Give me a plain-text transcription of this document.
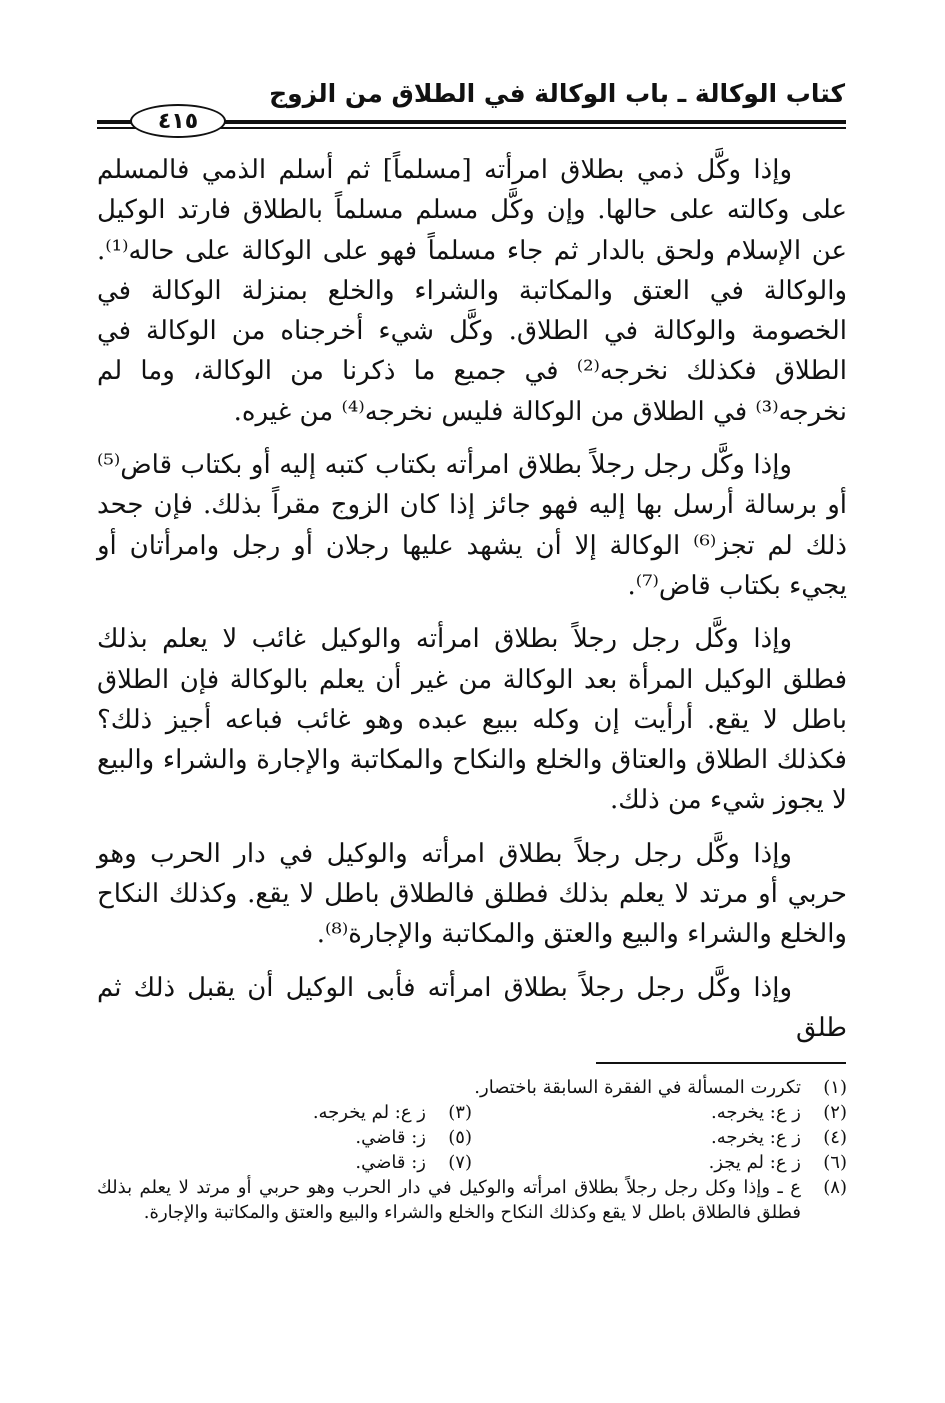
كتاب الوكالة ـ باب الوكالة في الطلاق من الزوج
٤١٥

وإذا وكَّل ذمي بطلاق امرأته [مسلماً] ثم أسلم الذمي فالمسلم على وكالته على حالها. وإن وكَّل مسلم مسلماً بالطلاق فارتد الوكيل عن الإسلام ولحق بالدار ثم جاء مسلماً فهو على الوكالة على حاله⁽¹⁾. والوكالة في العتق والمكاتبة والشراء والخلع بمنزلة الوكالة في الخصومة والوكالة في الطلاق. وكَّل شيء أخرجناه من الوكالة في الطلاق فكذلك نخرجه⁽²⁾ في جميع ما ذكرنا من الوكالة، وما لم نخرجه⁽³⁾ في الطلاق من الوكالة فليس نخرجه⁽⁴⁾ من غيره.

وإذا وكَّل رجل رجلاً بطلاق امرأته بكتاب كتبه إليه أو بكتاب قاض⁽⁵⁾ أو برسالة أرسل بها إليه فهو جائز إذا كان الزوج مقراً بذلك. فإن جحد ذلك لم تجز⁽⁶⁾ الوكالة إلا أن يشهد عليها رجلان أو رجل وامرأتان أو يجيء بكتاب قاض⁽⁷⁾.

وإذا وكَّل رجل رجلاً بطلاق امرأته والوكيل غائب لا يعلم بذلك فطلق الوكيل المرأة بعد الوكالة من غير أن يعلم بالوكالة فإن الطلاق باطل لا يقع. أرأيت إن وكله ببيع عبده وهو غائب فباعه أجيز ذلك؟ فكذلك الطلاق والعتاق والخلع والنكاح والمكاتبة والإجارة والشراء والبيع لا يجوز شيء من ذلك.

وإذا وكَّل رجل رجلاً بطلاق امرأته والوكيل في دار الحرب وهو حربي أو مرتد لا يعلم بذلك فطلق فالطلاق باطل لا يقع. وكذلك النكاح والخلع والشراء والبيع والعتق والمكاتبة والإجارة⁽⁸⁾.

وإذا وكَّل رجل رجلاً بطلاق امرأته فأبى الوكيل أن يقبل ذلك ثم طلق

(١)
تكررت المسألة في الفقرة السابقة باختصار.
(٢)
ز ع: يخرجه.
(٣)
ز ع: لم يخرجه.
(٤)
ز ع: يخرجه.
(٥)
ز: قاضي.
(٦)
ز ع: لم يجز.
(٧)
ز: قاضي.
(٨)
ع ـ وإذا وكل رجل رجلاً بطلاق امرأته والوكيل في دار الحرب وهو حربي أو مرتد لا يعلم بذلك فطلق فالطلاق باطل لا يقع وكذلك النكاح والخلع والشراء والبيع والعتق والمكاتبة والإجارة.
